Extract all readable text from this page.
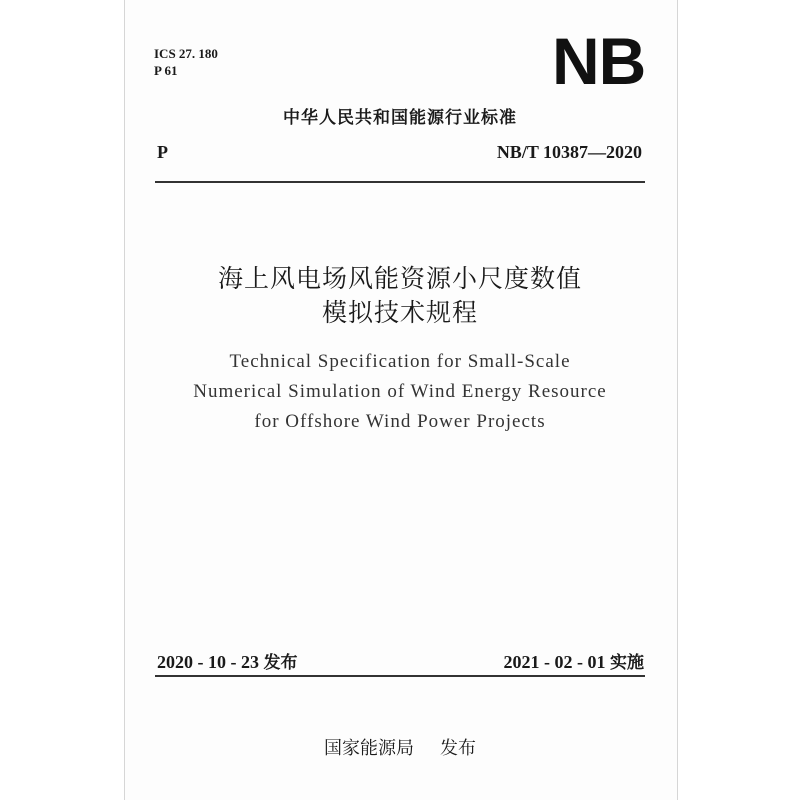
ICS 27. 180
P 61	NB
中华人民共和国能源行业标准
P	NB/T 10387—2020
海上风电场风能资源小尺度数值
模拟技术规程
Technical Specification for Small-Scale
Numerical Simulation of Wind Energy Resource
for Offshore Wind Power Projects
2020 - 10 - 23 发布	2021 - 02 - 01 实施
国家能源局 发布
